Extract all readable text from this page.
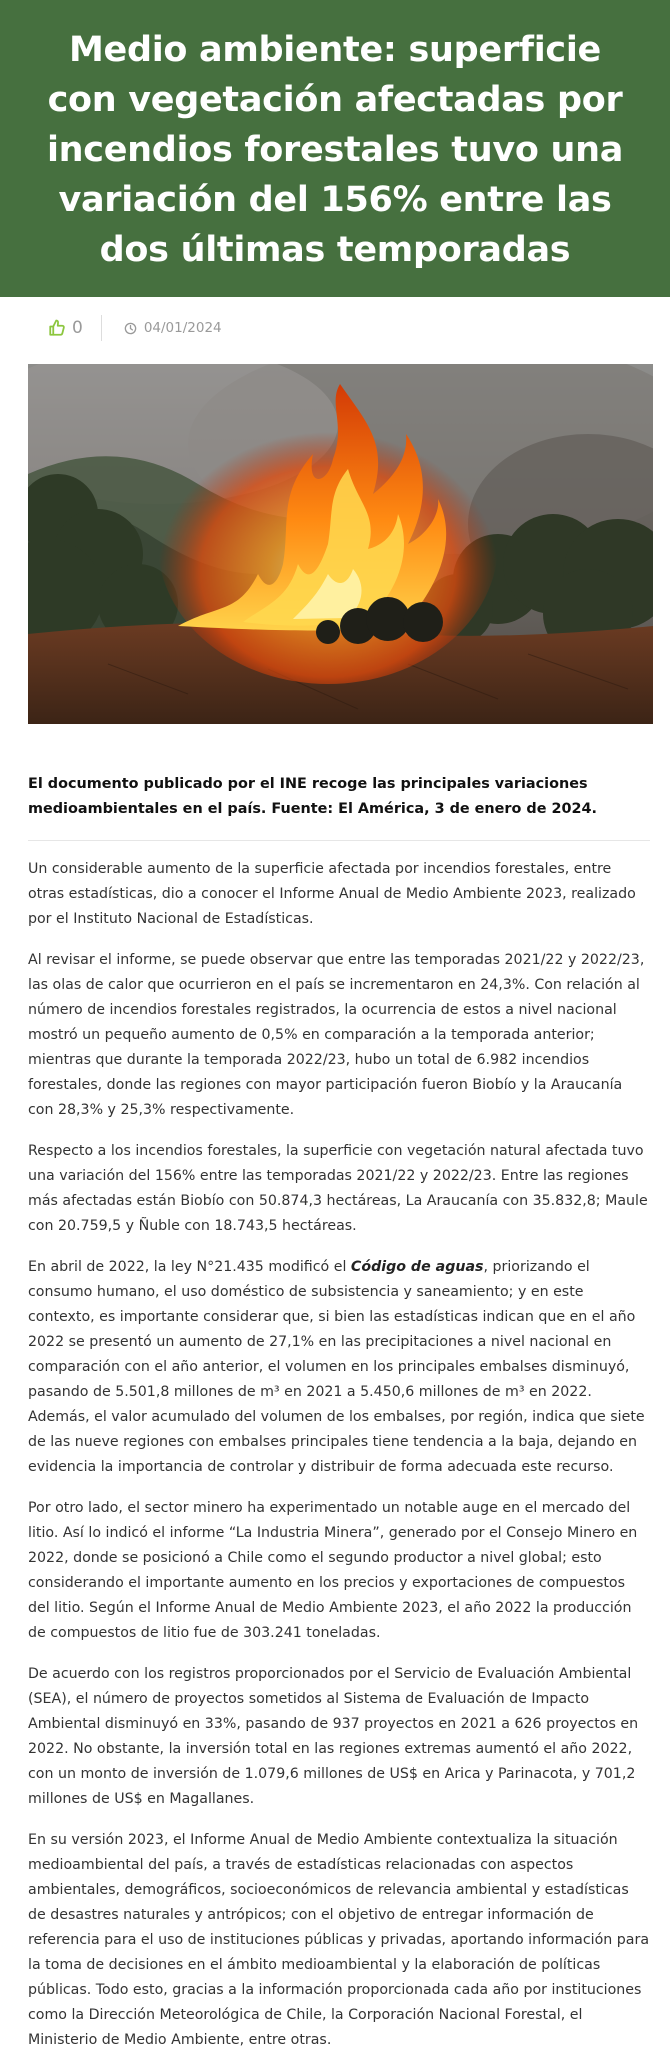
Medio ambiente: superficie con vegetación afectadas por incendios forestales tuvo una variación del 156% entre las dos últimas temporadas
0	04/01/2024

El documento publicado por el INE recoge las principales variaciones medioambientales en el país. Fuente: El América, 3 de enero de 2024.

Un considerable aumento de la superficie afectada por incendios forestales, entre otras estadísticas, dio a conocer el Informe Anual de Medio Ambiente 2023, realizado por el Instituto Nacional de Estadísticas.

Al revisar el informe, se puede observar que entre las temporadas 2021/22 y 2022/23, las olas de calor que ocurrieron en el país se incrementaron en 24,3%. Con relación al número de incendios forestales registrados, la ocurrencia de estos a nivel nacional mostró un pequeño aumento de 0,5% en comparación a la temporada anterior; mientras que durante la temporada 2022/23, hubo un total de 6.982 incendios forestales, donde las regiones con mayor participación fueron Biobío y la Araucanía con 28,3% y 25,3% respectivamente.

Respecto a los incendios forestales, la superficie con vegetación natural afectada tuvo una variación del 156% entre las temporadas 2021/22 y 2022/23. Entre las regiones más afectadas están Biobío con 50.874,3 hectáreas, La Araucanía con 35.832,8; Maule con 20.759,5 y Ñuble con 18.743,5 hectáreas.

En abril de 2022, la ley N°21.435 modificó el Código de aguas, priorizando el consumo humano, el uso doméstico de subsistencia y saneamiento; y en este contexto, es importante considerar que, si bien las estadísticas indican que en el año 2022 se presentó un aumento de 27,1% en las precipitaciones a nivel nacional en comparación con el año anterior, el volumen en los principales embalses disminuyó, pasando de 5.501,8 millones de m³ en 2021 a 5.450,6 millones de m³ en 2022. Además, el valor acumulado del volumen de los embalses, por región, indica que siete de las nueve regiones con embalses principales tiene tendencia a la baja, dejando en evidencia la importancia de controlar y distribuir de forma adecuada este recurso.

Por otro lado, el sector minero ha experimentado un notable auge en el mercado del litio. Así lo indicó el informe “La Industria Minera”, generado por el Consejo Minero en 2022, donde se posicionó a Chile como el segundo productor a nivel global; esto considerando el importante aumento en los precios y exportaciones de compuestos del litio. Según el Informe Anual de Medio Ambiente 2023, el año 2022 la producción de compuestos de litio fue de 303.241 toneladas.

De acuerdo con los registros proporcionados por el Servicio de Evaluación Ambiental (SEA), el número de proyectos sometidos al Sistema de Evaluación de Impacto Ambiental disminuyó en 33%, pasando de 937 proyectos en 2021 a 626 proyectos en 2022. No obstante, la inversión total en las regiones extremas aumentó el año 2022, con un monto de inversión de 1.079,6 millones de US$ en Arica y Parinacota, y 701,2 millones de US$ en Magallanes.

En su versión 2023, el Informe Anual de Medio Ambiente contextualiza la situación medioambiental del país, a través de estadísticas relacionadas con aspectos ambientales, demográficos, socioeconómicos de relevancia ambiental y estadísticas de desastres naturales y antrópicos; con el objetivo de entregar información de referencia para el uso de instituciones públicas y privadas, aportando información para la toma de decisiones en el ámbito medioambiental y la elaboración de políticas públicas. Todo esto, gracias a la información proporcionada cada año por instituciones como la Dirección Meteorológica de Chile, la Corporación Nacional Forestal, el Ministerio de Medio Ambiente, entre otras.
